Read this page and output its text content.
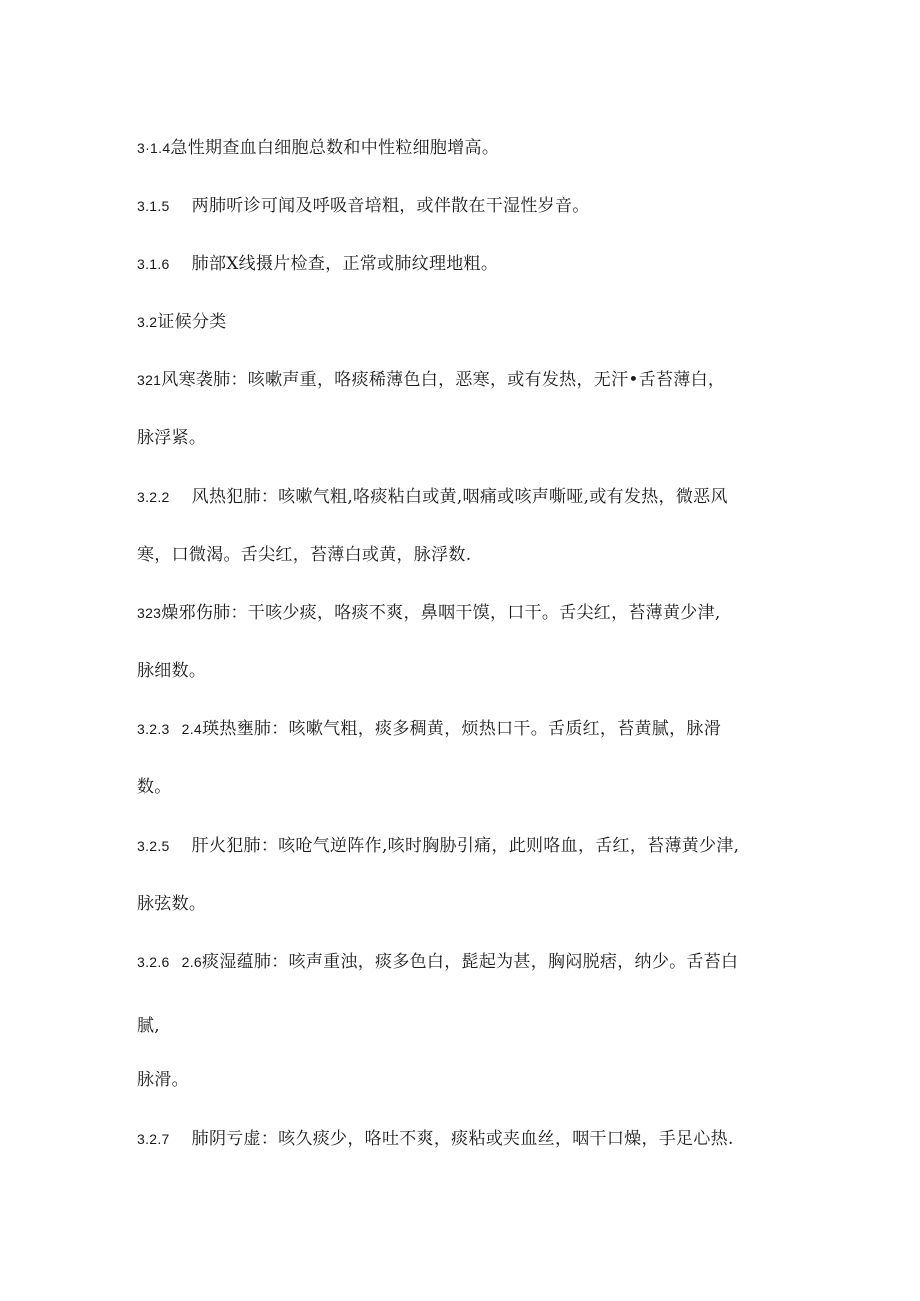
3·1.4急性期查血白细胞总数和中性粒细胞增高。
3.1.5 两肺听诊可闻及呼吸音培粗，或伴散在干湿性岁音。
3.1.6 肺部X线摄片检查，正常或肺纹理地粗。
3.2证候分类
321风寒袭肺：咳嗽声重，咯痰稀薄色白，恶寒，或有发热，无汗•舌苔薄白，
脉浮紧。
3.2.2 风热犯肺：咳嗽气粗,咯痰粘白或黄,咽痛或咳声嘶哑,或有发热，微恶风
寒，口微渴。舌尖红，苔薄白或黄，脉浮数.
323燥邪伤肺：干咳少痰，咯痰不爽，鼻咽干馍，口干。舌尖红，苔薄黄少津,
脉细数。
3.2.3 2.4瑛热壅肺：咳嗽气粗，痰多稠黄，烦热口干。舌质红，苔黄腻，脉滑
数。
3.2.5 肝火犯肺：咳呛气逆阵作,咳时胸胁引痛，此则咯血，舌红，苔薄黄少津,
脉弦数。
3.2.6 2.6痰湿蕴肺：咳声重浊，痰多色白，髭起为甚，胸闷脱痞，纳少。舌苔白
腻,
脉滑。
3.2.7 肺阴亏虚：咳久痰少，咯吐不爽，痰粘或夹血丝，咽干口燥，手足心热.
